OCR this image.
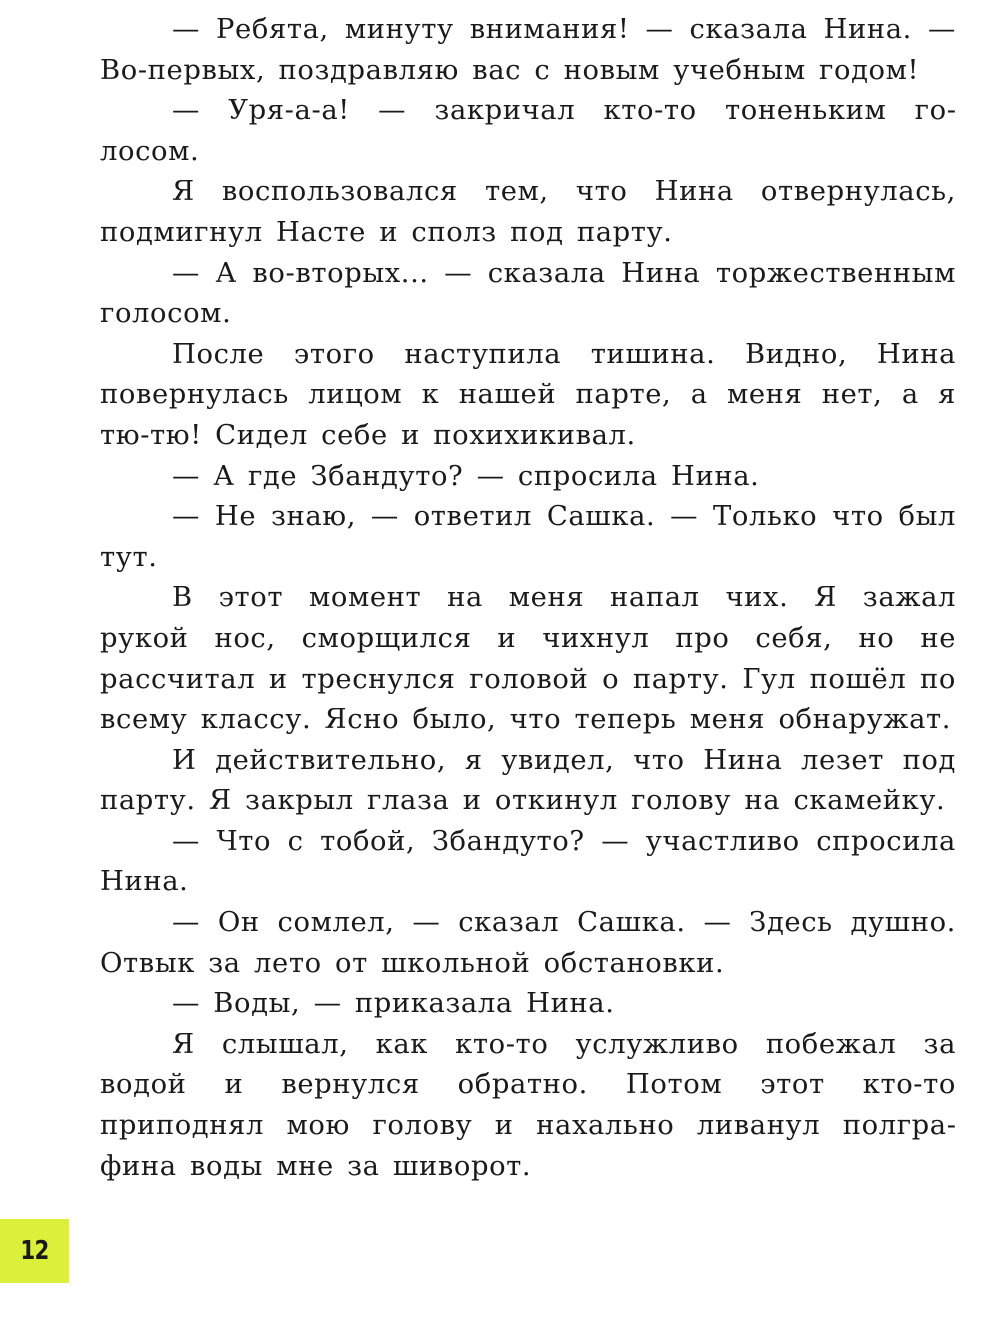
— Ребята, минуту внимания! — сказала Нина. — Во-первых, поздравляю вас с новым учебным годом!

— Уря-а-а! — закричал кто-то тоненьким голосом.

Я воспользовался тем, что Нина отвернулась, подмигнул Насте и сполз под парту.

— А во-вторых... — сказала Нина торжественным голосом.

После этого наступила тишина. Видно, Нина повернулась лицом к нашей парте, а меня нет, а я тю-тю! Сидел себе и похихикивал.

— А где Збандуто? — спросила Нина.

— Не знаю, — ответил Сашка. — Только что был тут.

В этот момент на меня напал чих. Я зажал рукой нос, сморщился и чихнул про себя, но не рассчитал и треснулся головой о парту. Гул пошёл по всему классу. Ясно было, что теперь меня обнаружат.

И действительно, я увидел, что Нина лезет под парту. Я закрыл глаза и откинул голову на скамейку.

— Что с тобой, Збандуто? — участливо спросила Нина.

— Он сомлел, — сказал Сашка. — Здесь душно. Отвык за лето от школьной обстановки.

— Воды, — приказала Нина.

Я слышал, как кто-то услужливо побежал за водой и вернулся обратно. Потом этот кто-то приподнял мою голову и нахально ливанул полграфина воды мне за шиворот.

12
